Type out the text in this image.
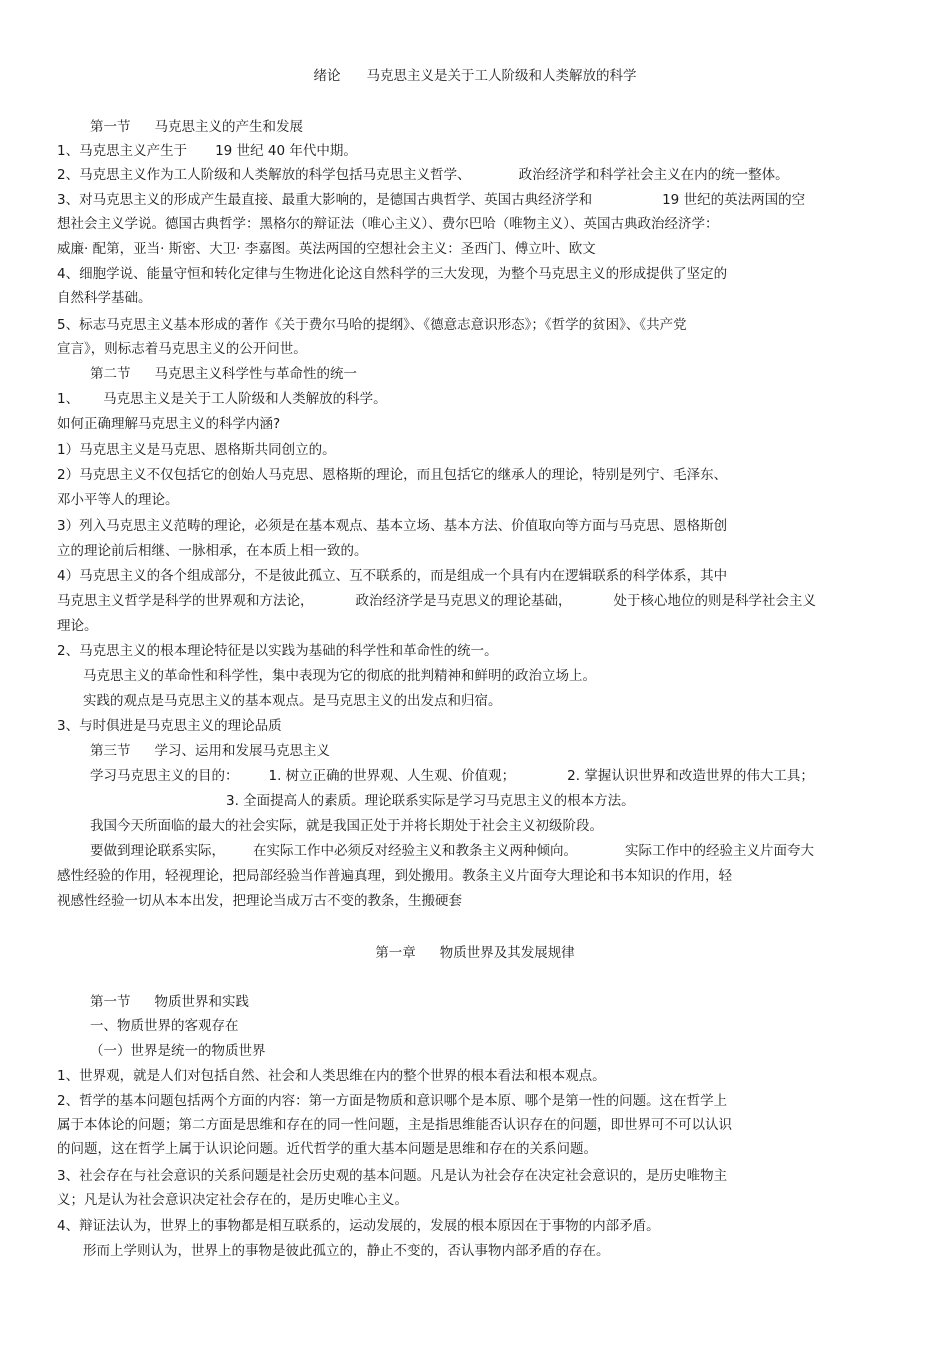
绪论 马克思主义是关于工人阶级和人类解放的科学
第一节 马克思主义的产生和发展
1、马克思主义产生于 19 世纪 40 年代中期。
2、马克思主义作为工人阶级和人类解放的科学包括马克思主义哲学、	政治经济学和科学社会主义在内的统一整体。
3、对马克思主义的形成产生最直接、最重大影响的，是德国古典哲学、英国古典经济学和	19 世纪的英法两国的空
想社会主义学说。德国古典哲学：黑格尔的辩证法（唯心主义）、费尔巴哈（唯物主义）、英国古典政治经济学：
威廉· 配第，亚当· 斯密、大卫· 李嘉图。英法两国的空想社会主义：圣西门、傅立叶、欧文
4、细胞学说、能量守恒和转化定律与生物进化论这自然科学的三大发现，为整个马克思主义的形成提供了坚定的
自然科学基础。
5、标志马克思主义基本形成的著作《关于费尔马哈的提纲》、《德意志意识形态》；《哲学的贫困》、《共产党
宣言》，则标志着马克思主义的公开问世。
第二节 马克思主义科学性与革命性的统一
1、 马克思主义是关于工人阶级和人类解放的科学。
如何正确理解马克思主义的科学内涵?
1）马克思主义是马克思、恩格斯共同创立的。
2）马克思主义不仅包括它的创始人马克思、恩格斯的理论，而且包括它的继承人的理论，特别是列宁、毛泽东、
邓小平等人的理论。
3）列入马克思主义范畴的理论，必须是在基本观点、基本立场、基本方法、价值取向等方面与马克思、恩格斯创
立的理论前后相继、一脉相承，在本质上相一致的。
4）马克思主义的各个组成部分，不是彼此孤立、互不联系的，而是组成一个具有内在逻辑联系的科学体系，其中
马克思主义哲学是科学的世界观和方法论，	政治经济学是马克思义的理论基础，	处于核心地位的则是科学社会主义
理论。
2、马克思主义的根本理论特征是以实践为基础的科学性和革命性的统一。
马克思主义的革命性和科学性，集中表现为它的彻底的批判精神和鲜明的政治立场上。
实践的观点是马克思主义的基本观点。是马克思主义的出发点和归宿。
3、与时俱进是马克思主义的理论品质
第三节 学习、运用和发展马克思主义
学习马克思主义的目的： 1. 树立正确的世界观、人生观、价值观；	2. 掌握认识世界和改造世界的伟大工具；
3. 全面提高人的素质。理论联系实际是学习马克思主义的根本方法。
我国今天所面临的最大的社会实际，就是我国正处于并将长期处于社会主义初级阶段。
要做到理论联系实际， 在实际工作中必须反对经验主义和教条主义两种倾向。	实际工作中的经验主义片面夸大
感性经验的作用，轻视理论，把局部经验当作普遍真理，到处搬用。教条主义片面夸大理论和书本知识的作用，轻
视感性经验一切从本本出发，把理论当成万古不变的教条，生搬硬套
第一章 物质世界及其发展规律
第一节 物质世界和实践
一、物质世界的客观存在
（一）世界是统一的物质世界
1、世界观，就是人们对包括自然、社会和人类思维在内的整个世界的根本看法和根本观点。
2、哲学的基本问题包括两个方面的内容：第一方面是物质和意识哪个是本原、哪个是第一性的问题。这在哲学上
属于本体论的问题；第二方面是思维和存在的同一性问题，主是指思维能否认识存在的问题，即世界可不可以认识
的问题，这在哲学上属于认识论问题。近代哲学的重大基本问题是思维和存在的关系问题。
3、社会存在与社会意识的关系问题是社会历史观的基本问题。凡是认为社会存在决定社会意识的，是历史唯物主
义；凡是认为社会意识决定社会存在的，是历史唯心主义。
4、辩证法认为，世界上的事物都是相互联系的，运动发展的，发展的根本原因在于事物的内部矛盾。
形而上学则认为，世界上的事物是彼此孤立的，静止不变的，否认事物内部矛盾的存在。
